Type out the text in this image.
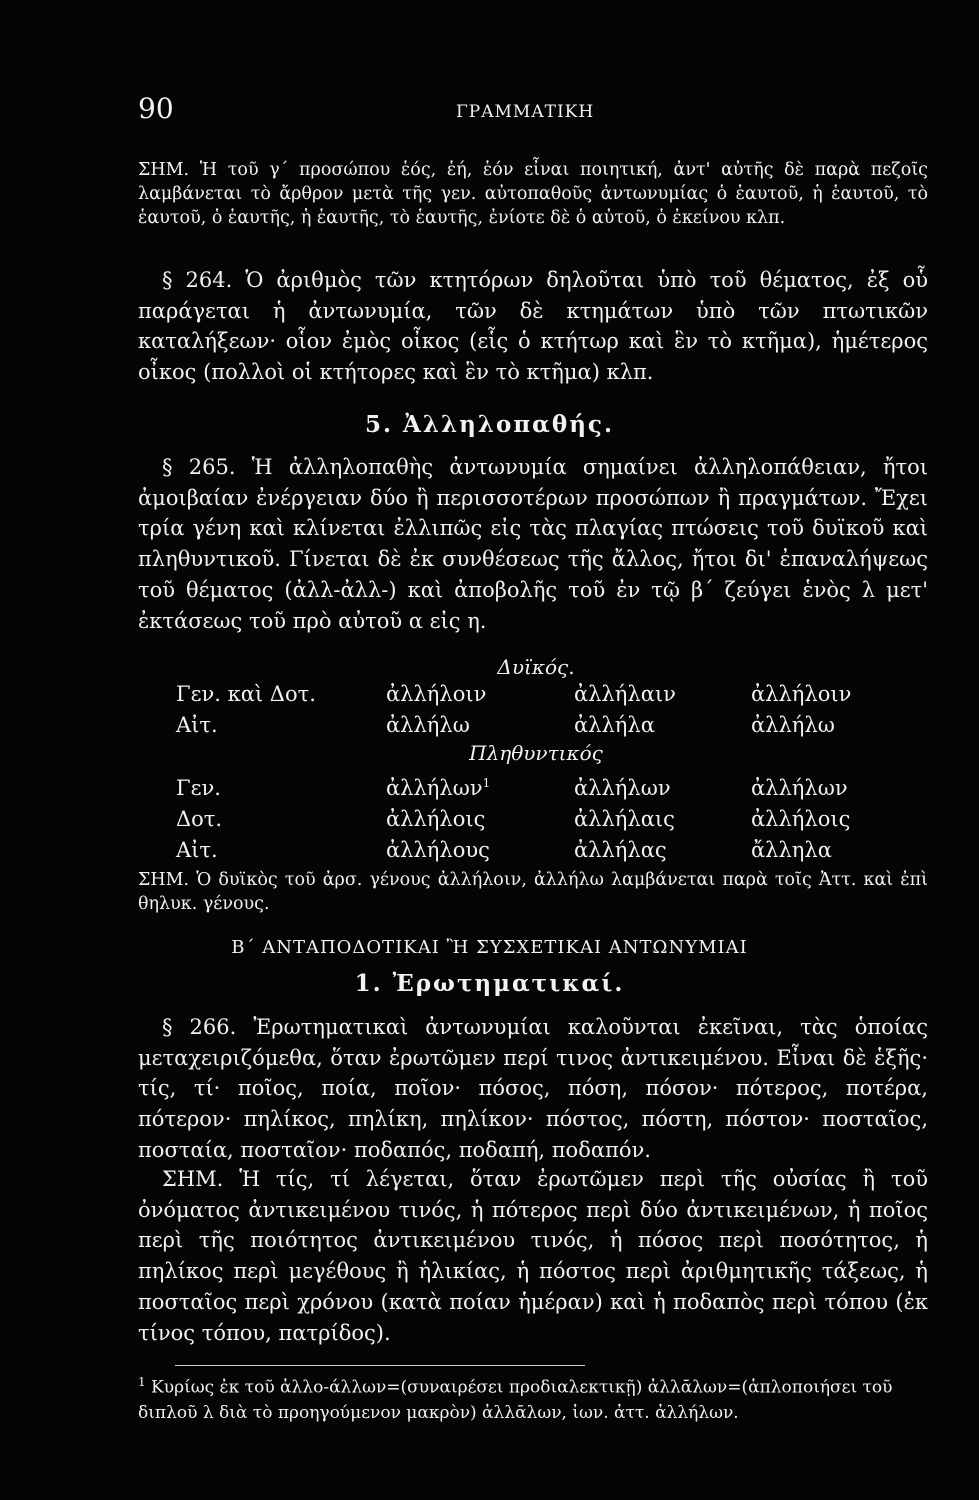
90	ΓΡΑΜΜΑΤΙΚΗ

ΣΗΜ. Ἡ τοῦ γ΄ προσώπου ἑός, ἑή, ἑόν εἶναι ποιητική, ἀντ' αὐτῆς δὲ παρὰ πεζοῖς λαμβάνεται τὸ ἄρθρον μετὰ τῆς γεν. αὐτοπαθοῦς ἀντωνυμίας ὁ ἑαυτοῦ, ἡ ἑαυτοῦ, τὸ ἑαυτοῦ, ὁ ἑαυτῆς, ἡ ἑαυτῆς, τὸ ἑαυτῆς, ἐνίοτε δὲ ὁ αὐτοῦ, ὁ ἐκείνου κλπ.

§ 264. Ὁ ἀριθμὸς τῶν κτητόρων δηλοῦται ὑπὸ τοῦ θέματος, ἐξ οὗ παράγεται ἡ ἀντωνυμία, τῶν δὲ κτημάτων ὑπὸ τῶν πτωτικῶν καταλήξεων· οἷον ἐμὸς οἶκος (εἷς ὁ κτήτωρ καὶ ἓν τὸ κτῆμα), ἡμέτερος οἶκος (πολλοὶ οἱ κτήτορες καὶ ἓν τὸ κτῆμα) κλπ.

5. Ἀλληλοπαθής.

§ 265. Ἡ ἀλληλοπαθὴς ἀντωνυμία σημαίνει ἀλληλοπάθειαν, ἤτοι ἀμοιβαίαν ἐνέργειαν δύο ἢ περισσοτέρων προσώπων ἢ πραγμάτων. Ἔχει τρία γένη καὶ κλίνεται ἐλλιπῶς εἰς τὰς πλαγίας πτώσεις τοῦ δυϊκοῦ καὶ πληθυντικοῦ. Γίνεται δὲ ἐκ συνθέσεως τῆς ἄλλος, ἤτοι δι' ἐπαναλήψεως τοῦ θέματος (ἀλλ-ἀλλ-) καὶ ἀποβολῆς τοῦ ἐν τῷ β΄ ζεύγει ἑνὸς λ μετ' ἐκτάσεως τοῦ πρὸ αὐτοῦ α εἰς η.

Δυϊκός.
Γεν. καὶ Δοτ.	ἀλλήλοιν	ἀλλήλαιν	ἀλλήλοιν
Αἰτ.	ἀλλήλω	ἀλλήλα	ἀλλήλω
Πληθυντικός
Γεν.	ἀλλήλων$^1$	ἀλλήλων	ἀλλήλων
Δοτ.	ἀλλήλοις	ἀλλήλαις	ἀλλήλοις
Αἰτ.	ἀλλήλους	ἀλλήλας	ἄλληλα

ΣΗΜ. Ὁ δυϊκὸς τοῦ ἀρσ. γένους ἀλλήλοιν, ἀλλήλω λαμβάνεται παρὰ τοῖς Ἀττ. καὶ ἐπὶ θηλυκ. γένους.

Β΄ ΑΝΤΑΠΟΔΟΤΙΚΑΙ Ἢ ΣΥΣΧΕΤΙΚΑΙ ΑΝΤΩΝΥΜΙΑΙ

1. Ἐρωτηματικαί.

§ 266. Ἐρωτηματικαὶ ἀντωνυμίαι καλοῦνται ἐκεῖναι, τὰς ὁποίας μεταχειριζόμεθα, ὅταν ἐρωτῶμεν περί τινος ἀντικειμένου. Εἶναι δὲ ἑξῆς· τίς, τί· ποῖος, ποία, ποῖον· πόσος, πόση, πόσον· πότερος, ποτέρα, πότερον· πηλίκος, πηλίκη, πηλίκον· πόστος, πόστη, πόστον· ποσταῖος, ποσταία, ποσταῖον· ποδαπός, ποδαπή, ποδαπόν.

ΣΗΜ. Ἡ τίς, τί λέγεται, ὅταν ἐρωτῶμεν περὶ τῆς οὐσίας ἢ τοῦ ὀνόματος ἀντικειμένου τινός, ἡ πότερος περὶ δύο ἀντικειμένων, ἡ ποῖος περὶ τῆς ποιότητος ἀντικειμένου τινός, ἡ πόσος περὶ ποσότητος, ἡ πηλίκος περὶ μεγέθους ἢ ἡλικίας, ἡ πόστος περὶ ἀριθμητικῆς τάξεως, ἡ ποσταῖος περὶ χρόνου (κατὰ ποίαν ἡμέραν) καὶ ἡ ποδαπὸς περὶ τόπου (ἐκ τίνος τόπου, πατρίδος).

$^1$ Κυρίως ἐκ τοῦ ἀλλο-άλλων=(συναιρέσει προδιαλεκτικῇ) ἀλλᾱλων=(ἁπλοποιήσει τοῦ διπλοῦ λ διὰ τὸ προηγούμενον μακρὸν) ἀλλᾱλων, ἰων. ἀττ. ἀλλήλων.
